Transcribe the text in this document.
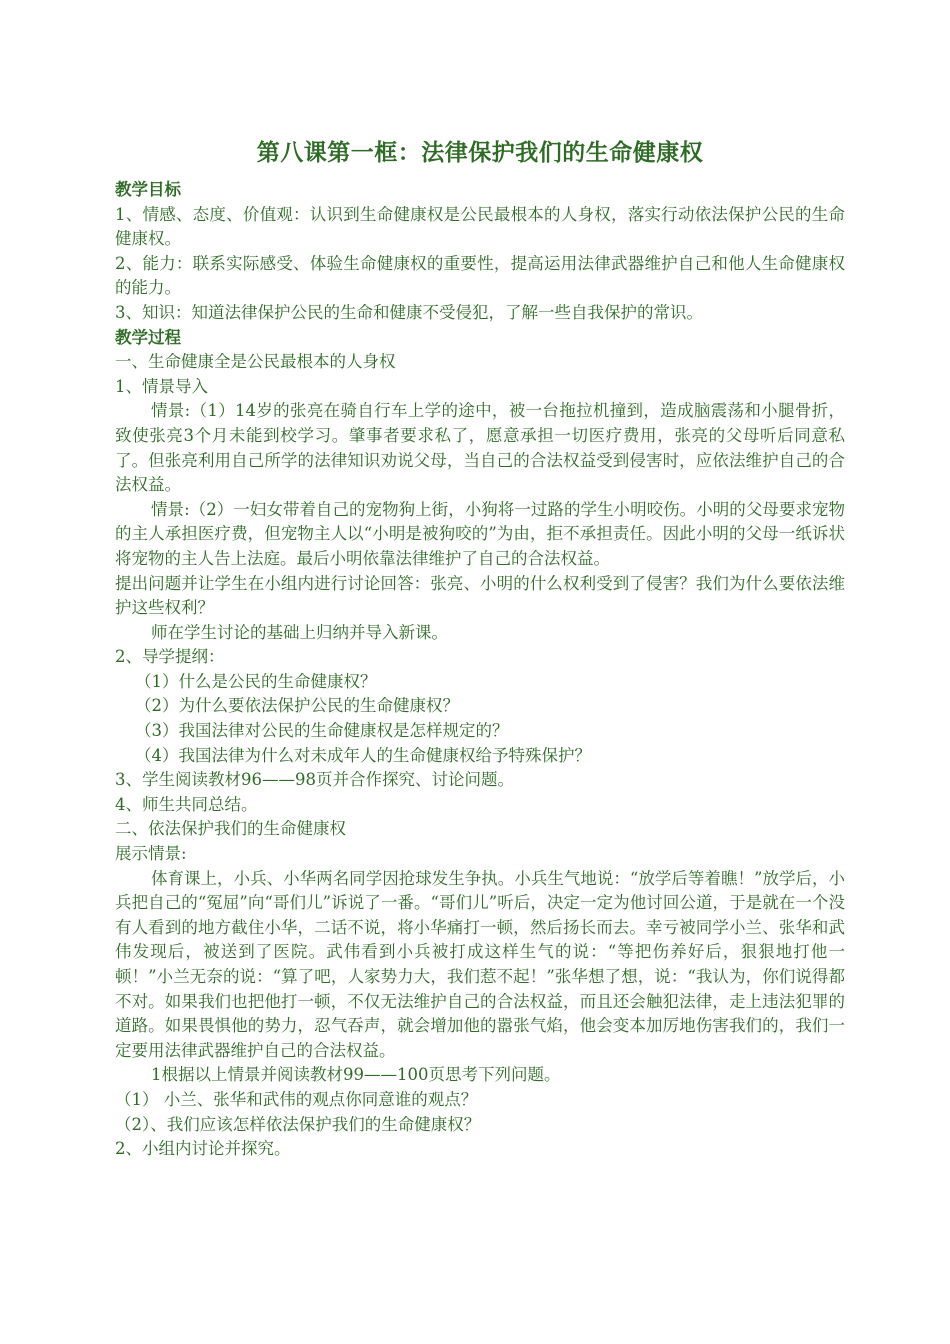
第八课第一框：法律保护我们的生命健康权

教学目标

1、情感、态度、价值观：认识到生命健康权是公民最根本的人身权，落实行动依法保护公民的生命健康权。

2、能力：联系实际感受、体验生命健康权的重要性，提高运用法律武器维护自己和他人生命健康权的能力。

3、知识：知道法律保护公民的生命和健康不受侵犯，了解一些自我保护的常识。

教学过程

一、生命健康全是公民最根本的人身权

1、情景导入

情景:（1）14岁的张亮在骑自行车上学的途中，被一台拖拉机撞到，造成脑震荡和小腿骨折，致使张亮3个月未能到校学习。肇事者要求私了，愿意承担一切医疗费用，张亮的父母听后同意私了。但张亮利用自己所学的法律知识劝说父母，当自己的合法权益受到侵害时，应依法维护自己的合法权益。

情景:（2）一妇女带着自己的宠物狗上街，小狗将一过路的学生小明咬伤。小明的父母要求宠物的主人承担医疗费，但宠物主人以“小明是被狗咬的”为由，拒不承担责任。因此小明的父母一纸诉状将宠物的主人告上法庭。最后小明依靠法律维护了自己的合法权益。

提出问题并让学生在小组内进行讨论回答：张亮、小明的什么权利受到了侵害？我们为什么要依法维护这些权利？

师在学生讨论的基础上归纳并导入新课。

2、导学提纲：

（1）什么是公民的生命健康权？

（2）为什么要依法保护公民的生命健康权？

（3）我国法律对公民的生命健康权是怎样规定的？

（4）我国法律为什么对未成年人的生命健康权给予特殊保护？

3、学生阅读教材96——98页并合作探究、讨论问题。

4、师生共同总结。

二、依法保护我们的生命健康权

展示情景:

体育课上，小兵、小华两名同学因抢球发生争执。小兵生气地说：“放学后等着瞧！”放学后，小兵把自己的“冤屈”向“哥们儿”诉说了一番。“哥们儿”听后，决定一定为他讨回公道，于是就在一个没有人看到的地方截住小华，二话不说，将小华痛打一顿，然后扬长而去。幸亏被同学小兰、张华和武伟发现后，被送到了医院。武伟看到小兵被打成这样生气的说：“等把伤养好后，狠狠地打他一顿！”小兰无奈的说：“算了吧，人家势力大，我们惹不起！”张华想了想，说：“我认为，你们说得都不对。如果我们也把他打一顿，不仅无法维护自己的合法权益，而且还会触犯法律，走上违法犯罪的道路。如果畏惧他的势力，忍气吞声，就会增加他的嚣张气焰，他会变本加厉地伤害我们的，我们一定要用法律武器维护自己的合法权益。

1根据以上情景并阅读教材99——100页思考下列问题。

（1） 小兰、张华和武伟的观点你同意谁的观点？

（2）、我们应该怎样依法保护我们的生命健康权？

2、小组内讨论并探究。
